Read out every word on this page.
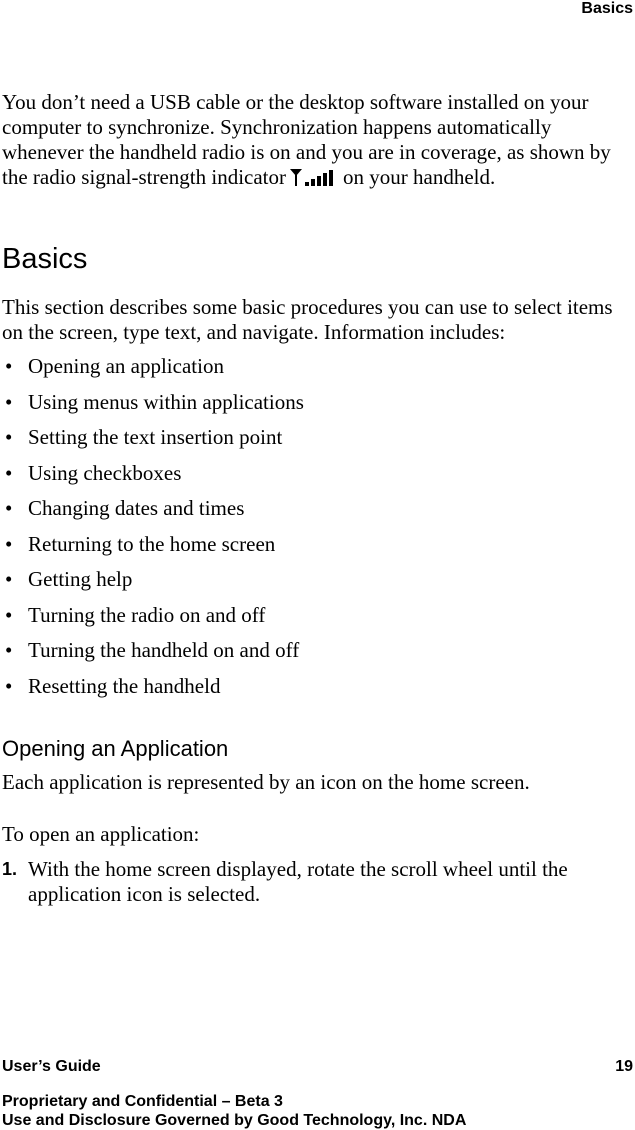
Basics

You don’t need a USB cable or the desktop software installed on your computer to synchronize. Synchronization happens automatically whenever the handheld radio is on and you are in coverage, as shown by the radio signal-strength indicator	on your handheld.

Basics

This section describes some basic procedures you can use to select items on the screen, type text, and navigate. Information includes:

• Opening an application
• Using menus within applications
• Setting the text insertion point
• Using checkboxes
• Changing dates and times
• Returning to the home screen
• Getting help
• Turning the radio on and off
• Turning the handheld on and off
• Resetting the handheld
Opening an Application

Each application is represented by an icon on the home screen.

To open an application:

1. With the home screen displayed, rotate the scroll wheel until the application icon is selected.
User’s Guide	19
Proprietary and Confidential – Beta 3
Use and Disclosure Governed by Good Technology, Inc. NDA
